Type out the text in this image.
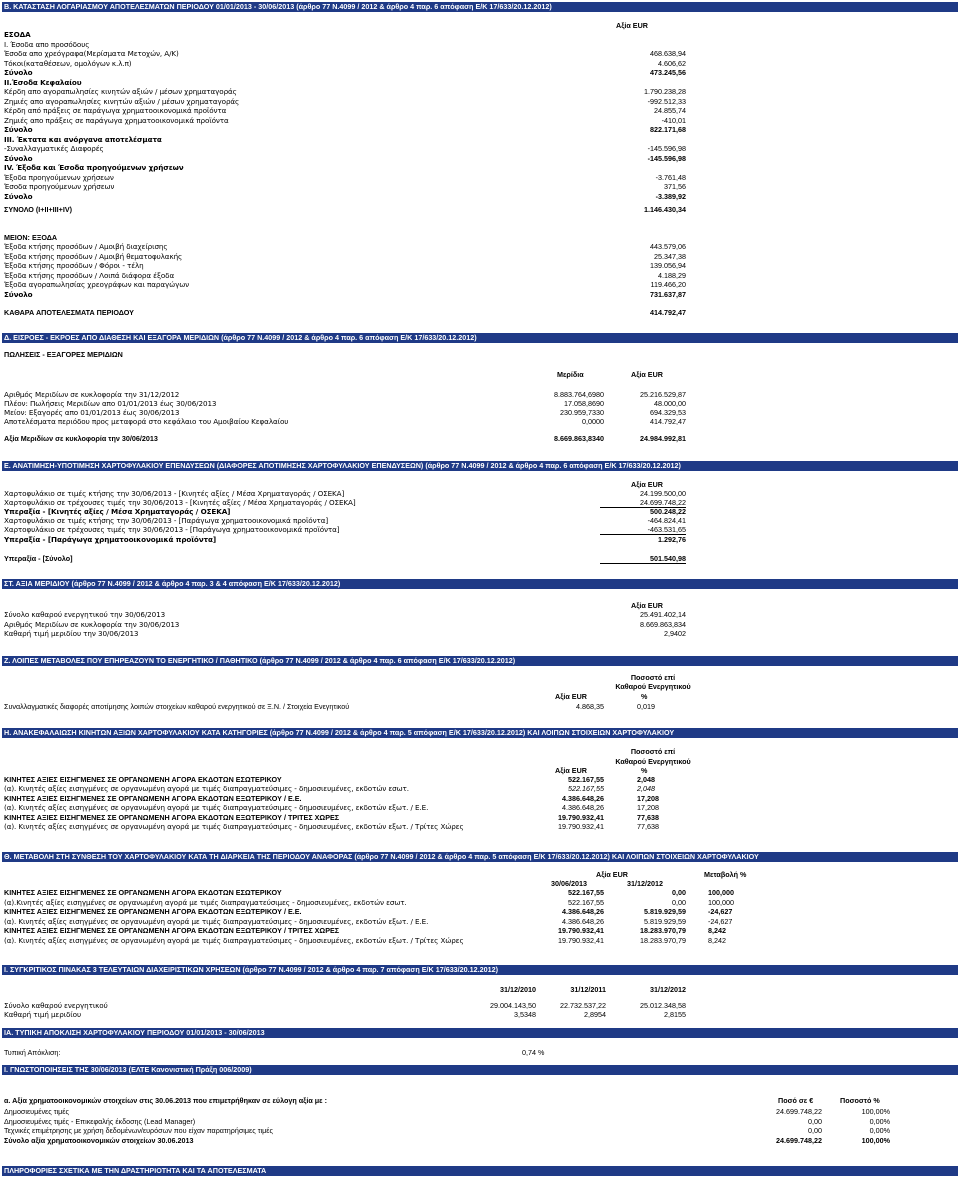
Β. ΚΑΤΑΣΤΑΣΗ ΛΟΓΑΡΙΑΣΜΟΥ ΑΠΟΤΕΛΕΣΜΑΤΩΝ ΠΕΡΙΟΔΟΥ 01/01/2013 - 30/06/2013 (άρθρο 77 Ν.4099 / 2012 & άρθρο 4 παρ. 6 απόφαση Ε/Κ 17/633/20.12.2012)
Αξία EUR
ΕΣΟΔΑ
I. Έσοδα απο προσόδους
Έσοδα απο χρεόγραφα(Μερίσματα Μετοχών, Α/Κ)	468.638,94
Τόκοι(καταθέσεων, ομολόγων κ.λ.π)	4.606,62
Σύνολο	473.245,56
II.Έσοδα Κεφαλαίου
Κέρδη απο αγοραπωλησίες κινητών αξιών / μέσων χρηματαγοράς	1.790.238,28
Ζημιές απο αγοραπωλησίες κινητών αξιών / μέσων χρηματαγοράς	-992.512,33
Κέρδη από πράξεις σε παράγωγα χρηματοοικονομικά προϊόντα	24.855,74
Ζημιές απο πράξεις σε παράγωγα χρηματοοικονομικά προϊόντα	-410,01
Σύνολο	822.171,68
III. Έκτατα και ανόργανα αποτελέσματα
-Συναλλαγματικές Διαφορές	-145.596,98
Σύνολο	-145.596,98
IV. Έξοδα και Έσοδα προηγούμενων χρήσεων
Έξοδα προηγούμενων χρήσεων	-3.761,48
Έσοδα προηγούμενων χρήσεων	371,56
Σύνολο	-3.389,92
ΣΥΝΟΛΟ (I+II+III+IV)	1.146.430,34
ΜΕΙΟΝ: ΕΞΟΔΑ
Έξοδα κτήσης προσόδων / Αμοιβή διαχείρισης	443.579,06
Έξοδα κτήσης προσόδων / Αμοιβή θεματοφυλακής	25.347,38
Έξοδα κτήσης προσόδων / Φόροι - τέλη	139.056,94
Έξοδα κτήσης προσόδων / Λοιπά διάφορα έξοδα	4.188,29
Έξοδα αγοραπωλησίας χρεογράφων και παραγώγων	119.466,20
Σύνολο	731.637,87
ΚΑΘΑΡΑ ΑΠΟΤΕΛΕΣΜΑΤΑ ΠΕΡΙΟΔΟΥ	414.792,47
Δ. ΕΙΣΡΟΕΣ - ΕΚΡΟΕΣ ΑΠΟ ΔΙΑΘΕΣΗ ΚΑΙ ΕΞΑΓΟΡΑ ΜΕΡΙΔΙΩΝ (άρθρο 77 Ν.4099 / 2012 & άρθρο 4 παρ. 6 απόφαση Ε/Κ 17/633/20.12.2012)
ΠΩΛΗΣΕΙΣ - ΕΞΑΓΟΡΕΣ ΜΕΡΙΔΙΩΝ
Μερίδια	Αξία EUR
Αριθμός Μεριδίων σε κυκλοφορία την 31/12/2012	8.883.764,6980	25.216.529,87
Πλέον: Πωλήσεις Μεριδίων απο 01/01/2013 έως 30/06/2013	17.058,8690	48.000,00
Μείον: Εξαγορές απο 01/01/2013 έως 30/06/2013	230.959,7330	694.329,53
Αποτελέσματα περιόδου προς μεταφορά στο κεφάλαιο του Αμοιβαίου Κεφαλαίου	0,0000	414.792,47
Αξία Μεριδίων σε κυκλοφορία την 30/06/2013	8.669.863,8340	24.984.992,81
Ε. ΑΝΑΤΙΜΗΣΗ-ΥΠΟΤΙΜΗΣΗ ΧΑΡΤΟΦΥΛΑΚΙΟΥ ΕΠΕΝΔΥΣΕΩΝ (ΔΙΑΦΟΡΕΣ ΑΠΟΤΙΜΗΣΗΣ ΧΑΡΤΟΦΥΛΑΚΙΟΥ ΕΠΕΝΔΥΣΕΩΝ) (άρθρο 77 Ν.4099 / 2012 & άρθρο 4 παρ. 6 απόφαση Ε/Κ 17/633/20.12.2012)
Αξία EUR
Χαρτοφυλάκιο σε τιμές κτήσης την 30/06/2013 - [Κινητές αξίες / Μέσα Χρηματαγοράς / ΟΣΕΚΑ]	24.199.500,00
Χαρτοφυλάκιο σε τρέχουσες τιμές την 30/06/2013 - [Κινητές αξίες / Μέσα Χρηματαγοράς / ΟΣΕΚΑ]	24.699.748,22
Υπεραξία - [Κινητές αξίες / Μέσα Χρηματαγοράς / ΟΣΕΚΑ]	500.248,22
Χαρτοφυλάκιο σε τιμές κτήσης την 30/06/2013 - [Παράγωγα χρηματοοικονομικά προϊόντα]	-464.824,41
Χαρτοφυλάκιο σε τρέχουσες τιμές την 30/06/2013 - [Παράγωγα χρηματοοικονομικά προϊόντα]	-463.531,65
Υπεραξία - [Παράγωγα χρηματοοικονομικά προϊόντα]	1.292,76
Υπεραξία - [Σύνολο]	501.540,98
ΣΤ. ΑΞΙΑ ΜΕΡΙΔΙΟΥ (άρθρο 77 Ν.4099 / 2012 & άρθρο 4 παρ. 3 & 4 απόφαση Ε/Κ 17/633/20.12.2012)
Αξία EUR
Σύνολο καθαρού ενεργητικού την 30/06/2013	25.491.402,14
Αριθμός Μεριδίων σε κυκλοφορία την 30/06/2013	8.669.863,834
Καθαρή τιμή μεριδίου την 30/06/2013	2,9402
Ζ. ΛΟΙΠΕΣ ΜΕΤΑΒΟΛΕΣ ΠΟΥ ΕΠΗΡΕΑΖΟΥΝ ΤΟ ΕΝΕΡΓΗΤΙΚΟ / ΠΑΘΗΤΙΚΟ (άρθρο 77 Ν.4099 / 2012 & άρθρο 4 παρ. 6 απόφαση Ε/Κ 17/633/20.12.2012)
Ποσοστό επί
Καθαρού Ενεργητικού
Αξία EUR	%
Συναλλαγματικές διαφορές αποτίμησης λοιπών στοιχείων καθαρού ενεργητικού σε Ξ.Ν. / Στοιχεία Ενεγητικού	4.868,35	0,019
Η. ΑΝΑΚΕΦΑΛΑΙΩΣΗ ΚΙΝΗΤΩΝ ΑΞΙΩΝ ΧΑΡΤΟΦΥΛΑΚΙΟΥ ΚΑΤΑ ΚΑΤΗΓΟΡΙΕΣ (άρθρο 77 Ν.4099 / 2012 & άρθρο 4 παρ. 5 απόφαση Ε/Κ 17/633/20.12.2012) ΚΑΙ ΛΟΙΠΩΝ ΣΤΟΙΧΕΙΩΝ ΧΑΡΤΟΦΥΛΑΚΙΟΥ
Ποσοστό επί
Καθαρού Ενεργητικού
Αξία EUR	%
ΚΙΝΗΤΕΣ ΑΞΙΕΣ ΕΙΣΗΓΜΕΝΕΣ ΣΕ ΟΡΓΑΝΩΜΕΝΗ ΑΓΟΡΑ ΕΚΔΟΤΩΝ ΕΣΩΤΕΡΙΚΟΥ	522.167,55	2,048
(α). Κινητές αξίες εισηγμένες σε οργανωμένη αγορά με τιμές διαπραγματεύσιμες - δημοσιευμένες, εκδοτών εσωτ.	522.167,55	2,048
ΚΙΝΗΤΕΣ ΑΞΙΕΣ ΕΙΣΗΓΜΕΝΕΣ ΣΕ ΟΡΓΑΝΩΜΕΝΗ ΑΓΟΡΑ ΕΚΔΟΤΩΝ ΕΞΩΤΕΡΙΚΟΥ / Ε.Ε.	4.386.648,26	17,208
(α). Κινητές αξίες εισηγμένες σε οργανωμένη αγορά με τιμές διαπραγματεύσιμες - δημοσιευμένες, εκδοτών εξωτ. / Ε.Ε.	4.386.648,26	17,208
ΚΙΝΗΤΕΣ ΑΞΙΕΣ ΕΙΣΗΓΜΕΝΕΣ ΣΕ ΟΡΓΑΝΩΜΕΝΗ ΑΓΟΡΑ ΕΚΔΟΤΩΝ ΕΞΩΤΕΡΙΚΟΥ / ΤΡΙΤΕΣ ΧΩΡΕΣ	19.790.932,41	77,638
(α). Κινητές αξίες εισηγμένες σε οργανωμένη αγορά με τιμές διαπραγματεύσιμες - δημοσιευμένες, εκδοτών εξωτ. / Τρίτες Χώρες	19.790.932,41	77,638
Θ. ΜΕΤΑΒΟΛΗ ΣΤΗ ΣΥΝΘΕΣΗ ΤΟΥ ΧΑΡΤΟΦΥΛΑΚΙΟΥ ΚΑΤΑ ΤΗ ΔΙΑΡΚΕΙΑ ΤΗΣ ΠΕΡΙΟΔΟΥ ΑΝΑΦΟΡΑΣ (άρθρο 77 Ν.4099 / 2012 & άρθρο 4 παρ. 5 απόφαση Ε/Κ 17/633/20.12.2012) ΚΑΙ ΛΟΙΠΩΝ ΣΤΟΙΧΕΙΩΝ ΧΑΡΤΟΦΥΛΑΚΙΟΥ
Αξία EUR	Μεταβολή %
30/06/2013	31/12/2012
ΚΙΝΗΤΕΣ ΑΞΙΕΣ ΕΙΣΗΓΜΕΝΕΣ ΣΕ ΟΡΓΑΝΩΜΕΝΗ ΑΓΟΡΑ ΕΚΔΟΤΩΝ ΕΣΩΤΕΡΙΚΟΥ	522.167,55	0,00	100,000
(α).Κινητές αξίες εισηγμένες σε οργανωμένη αγορά με τιμές διαπραγματεύσιμες - δημοσιευμένες, εκδοτών εσωτ.	522.167,55	0,00	100,000
ΚΙΝΗΤΕΣ ΑΞΙΕΣ ΕΙΣΗΓΜΕΝΕΣ ΣΕ ΟΡΓΑΝΩΜΕΝΗ ΑΓΟΡΑ ΕΚΔΟΤΩΝ ΕΞΩΤΕΡΙΚΟΥ / Ε.Ε.	4.386.648,26	5.819.929,59	-24,627
(α). Κινητές αξίες εισηγμένες σε οργανωμένη αγορά με τιμές διαπραγματεύσιμες - δημοσιευμένες, εκδοτών εξωτ. / Ε.Ε.	4.386.648,26	5.819.929,59	-24,627
ΚΙΝΗΤΕΣ ΑΞΙΕΣ ΕΙΣΗΓΜΕΝΕΣ ΣΕ ΟΡΓΑΝΩΜΕΝΗ ΑΓΟΡΑ ΕΚΔΟΤΩΝ ΕΞΩΤΕΡΙΚΟΥ / ΤΡΙΤΕΣ ΧΩΡΕΣ	19.790.932,41	18.283.970,79	8,242
(α). Κινητές αξίες εισηγμένες σε οργανωμένη αγορά με τιμές διαπραγματεύσιμες - δημοσιευμένες, εκδοτών εξωτ. / Τρίτες Χώρες	19.790.932,41	18.283.970,79	8,242
Ι. ΣΥΓΚΡΙΤΙΚΟΣ ΠΙΝΑΚΑΣ 3 ΤΕΛΕΥΤΑΙΩΝ ΔΙΑΧΕΙΡΙΣΤΙΚΩΝ ΧΡΗΣΕΩΝ (άρθρο 77 Ν.4099 / 2012 & άρθρο 4 παρ. 7 απόφαση Ε/Κ 17/633/20.12.2012)
31/12/2010	31/12/2011	31/12/2012
Σύνολο καθαρού ενεργητικού	29.004.143,50	22.732.537,22	25.012.348,58
Καθαρή τιμή μεριδίου	3,5348	2,8954	2,8155
ΙΑ. ΤΥΠΙΚΗ ΑΠΟΚΛΙΣΗ ΧΑΡΤΟΦΥΛΑΚΙΟΥ ΠΕΡΙΟΔΟΥ 01/01/2013 - 30/06/2013
Τυπική Απόκλιση:	0,74 %
Ι. ΓΝΩΣΤΟΠΟΙΗΣΕΙΣ ΤΗΣ 30/06/2013 (ΕΛΤΕ Κανονιστική Πράξη 006/2009)
α. Αξία χρηματοοικονομικών στοιχείων στις 30.06.2013 που επιμετρήθηκαν σε εύλογη αξία με :	Ποσό σε €	Ποσοστό %
Δημοσιευμένες τιμές	24.699.748,22	100,00%
Δημοσιευμένες τιμές - Επικεφαλής έκδοσης (Lead Manager)	0,00	0,00%
Τεχνικές επιμέτρησης με χρήση δεδομένων/ευρόσων που είχαν παρατηρήσιμες τιμές	0,00	0,00%
Σύνολο αξία χρηματοοικονομικών στοιχείων 30.06.2013	24.699.748,22	100,00%
ΠΛΗΡΟΦΟΡΙΕΣ ΣΧΕΤΙΚΑ ΜΕ ΤΗΝ ΔΡΑΣΤΗΡΙΟΤΗΤΑ ΚΑΙ ΤΑ ΑΠΟΤΕΛΕΣΜΑΤΑ
